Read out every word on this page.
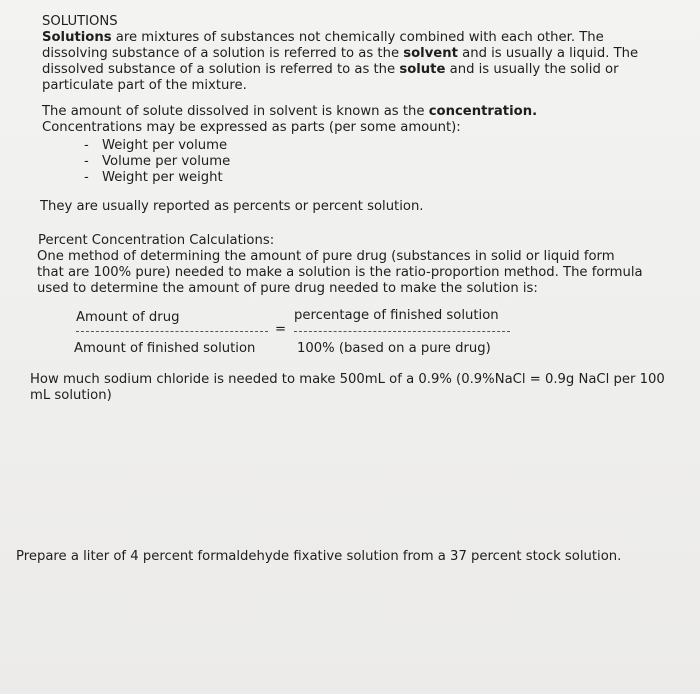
SOLUTIONS
Solutions are mixtures of substances not chemically combined with each other. The dissolving substance of a solution is referred to as the solvent and is usually a liquid. The dissolved substance of a solution is referred to as the solute and is usually the solid or particulate part of the mixture.
The amount of solute dissolved in solvent is known as the concentration.
Concentrations may be expressed as parts (per some amount):
- Weight per volume
- Volume per volume
- Weight per weight
They are usually reported as percents or percent solution.
Percent Concentration Calculations:
One method of determining the amount of pure drug (substances in solid or liquid form that are 100% pure) needed to make a solution is the ratio-proportion method. The formula used to determine the amount of pure drug needed to make the solution is:
Amount of drug
=
Amount of finished solution
percentage of finished solution
100% (based on a pure drug)
How much sodium chloride is needed to make 500mL of a 0.9% (0.9%NaCl = 0.9g NaCl per 100 mL solution)
Prepare a liter of 4 percent formaldehyde fixative solution from a 37 percent stock solution.
